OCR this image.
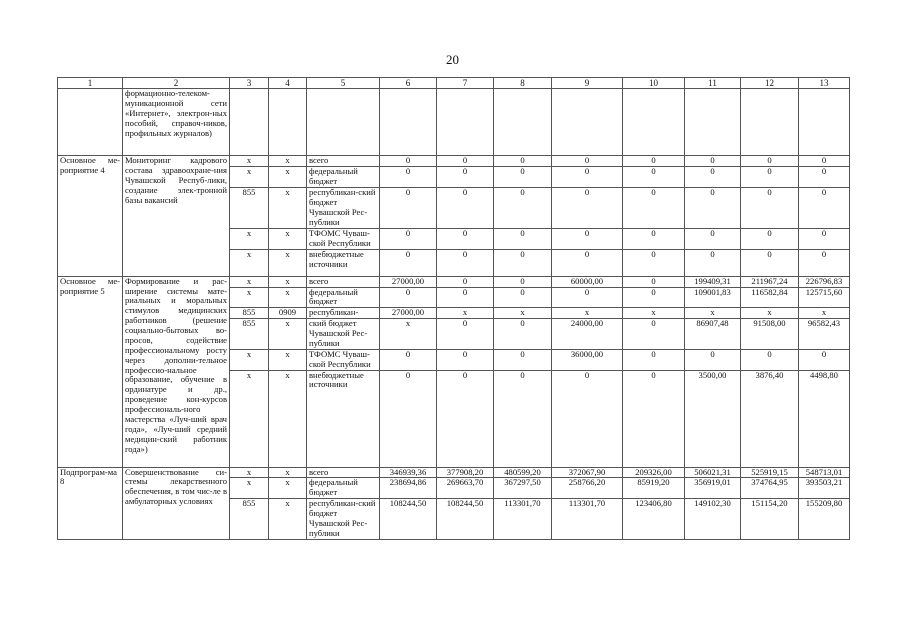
20
1	2	3	4	5	6	7	8	9	10	11	12	13
	формационно-телеком-муникационной сети «Интернет», электрон-ных пособий, справоч-ников, профильных журналов)											
Основное ме-роприятие 4	Мониторинг кадрового состава здравоохране-ния Чувашской Респуб-лики, создание элек-тронной базы вакансий	x	x	всего	0	0	0	0	0	0	0	0
		x	x	федеральный бюджет	0	0	0	0	0	0	0	0
		855	x	республикан-ский бюджет Чувашской Рес-публики	0	0	0	0	0	0	0	0
		x	x	ТФОМС Чуваш-ской Республики	0	0	0	0	0	0	0	0
		x	x	внебюджетные источники	0	0	0	0	0	0	0	0
Основное ме-роприятие 5	Формирование и рас-ширение системы мате-риальных и моральных стимулов медицинских работников (решение социально-бытовых во-просов, содействие профессиональному росту через дополни-тельное профессио-нальное образование, обучение в ординатуре и др., проведение кон-курсов профессиональ-ного мастерства «Луч-ший врач года», «Луч-ший средний медицин-ский работник года»)	x	x	всего	27000,00	0	0	60000,00	0	199409,31	211967,24	226796,83
		x	x	федеральный бюджет	0	0	0	0	0	109001,83	116582,84	125715,60
		855	0909	республикан-	27000,00	x	x	x	x	x	x	x
		855	x	ский бюджет Чувашской Рес-публики	x	0	0	24000,00	0	86907,48	91508,00	96582,43
		x	x	ТФОМС Чуваш-ской Республики	0	0	0	36000,00	0	0	0	0
		x	x	внебюджетные источники	0	0	0	0	0	3500,00	3876,40	4498,80
Подпрограм-ма 8	Совершенствование си-стемы лекарственного обеспечения, в том чис-ле в амбулаторных условиях	x	x	всего	346939,36	377908,20	480599,20	372067,90	209326,00	506021,31	525919,15	548713,01
		x	x	федеральный бюджет	238694,86	269663,70	367297,50	258766,20	85919,20	356919,01	374764,95	393503,21
		855	x	республикан-ский бюджет Чувашской Рес-публики	108244,50	108244,50	113301,70	113301,70	123406,80	149102,30	151154,20	155209,80
